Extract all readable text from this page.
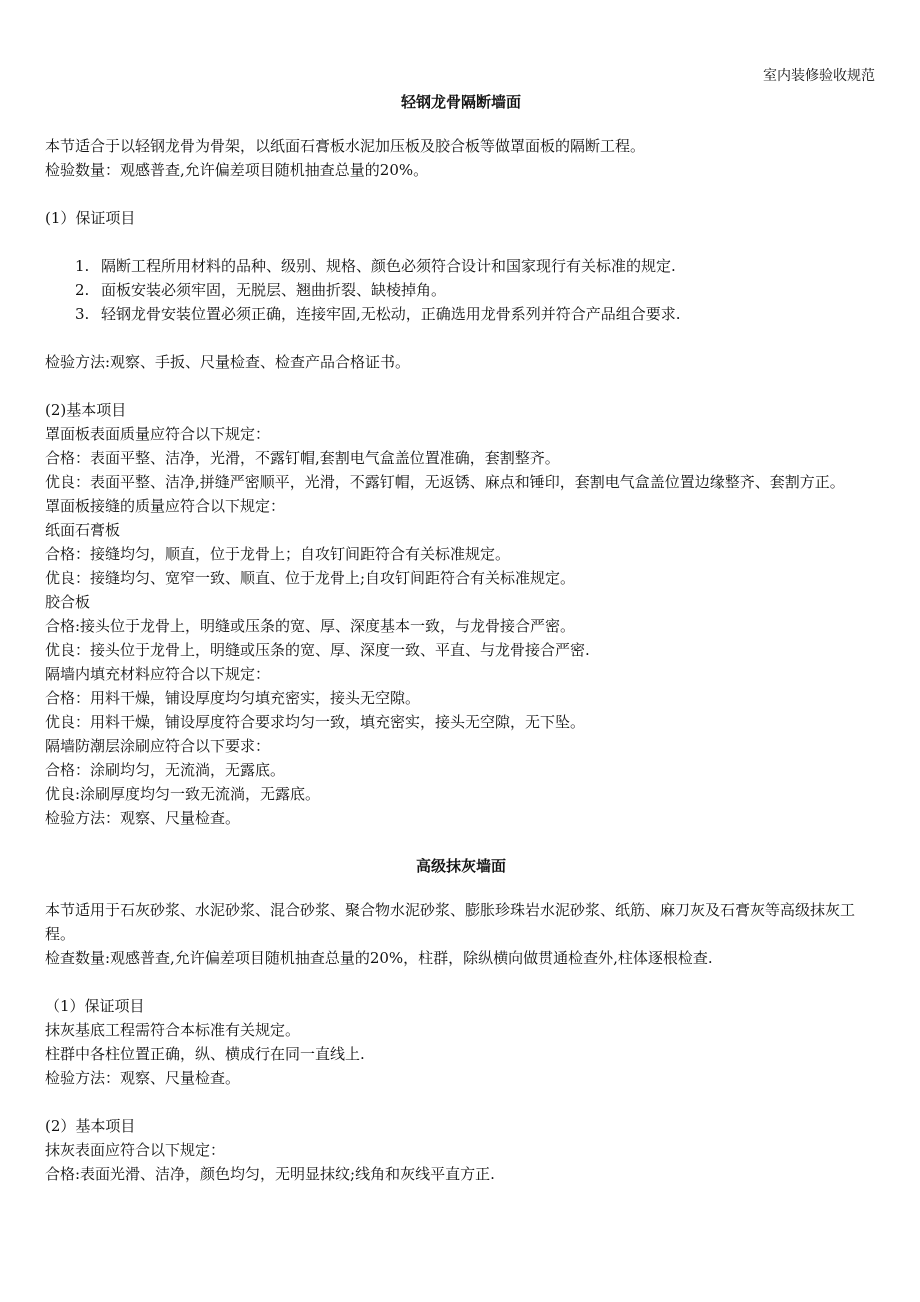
室内装修验收规范

轻钢龙骨隔断墙面

本节适合于以轻钢龙骨为骨架，以纸面石膏板水泥加压板及胶合板等做罩面板的隔断工程。

检验数量：观感普查,允许偏差项目随机抽查总量的20%。

(1）保证项目

1. 隔断工程所用材料的品种、级别、规格、颜色必须符合设计和国家现行有关标准的规定.
2. 面板安装必须牢固，无脱层、翘曲折裂、缺棱掉角。
3. 轻钢龙骨安装位置必须正确，连接牢固,无松动，正确选用龙骨系列并符合产品组合要求.

检验方法:观察、手扳、尺量检查、检查产品合格证书。

(2)基本项目

罩面板表面质量应符合以下规定：

合格：表面平整、洁净，光滑，不露钉帽,套割电气盒盖位置准确，套割整齐。

优良：表面平整、洁净,拼缝严密顺平，光滑，不露钉帽，无返锈、麻点和锤印，套割电气盒盖位置边缘整齐、套割方正。

罩面板接缝的质量应符合以下规定：

纸面石膏板

合格：接缝均匀，顺直，位于龙骨上；自攻钉间距符合有关标准规定。

优良：接缝均匀、宽窄一致、顺直、位于龙骨上;自攻钉间距符合有关标准规定。

胶合板

合格:接头位于龙骨上，明缝或压条的宽、厚、深度基本一致，与龙骨接合严密。

优良：接头位于龙骨上，明缝或压条的宽、厚、深度一致、平直、与龙骨接合严密.

隔墙内填充材料应符合以下规定：

合格：用料干燥，铺设厚度均匀填充密实，接头无空隙。

优良：用料干燥，铺设厚度符合要求均匀一致，填充密实，接头无空隙，无下坠。

隔墙防潮层涂刷应符合以下要求：

合格：涂刷均匀，无流淌，无露底。

优良:涂刷厚度均匀一致无流淌，无露底。

检验方法：观察、尺量检查。

高级抹灰墙面

本节适用于石灰砂浆、水泥砂浆、混合砂浆、聚合物水泥砂浆、膨胀珍珠岩水泥砂浆、纸筋、麻刀灰及石膏灰等高级抹灰工程。

检查数量:观感普查,允许偏差项目随机抽查总量的20%，柱群，除纵横向做贯通检查外,柱体逐根检查.

（1）保证项目

抹灰基底工程需符合本标准有关规定。

柱群中各柱位置正确，纵、横成行在同一直线上.

检验方法：观察、尺量检查。

(2）基本项目

抹灰表面应符合以下规定：

合格:表面光滑、洁净，颜色均匀，无明显抹纹;线角和灰线平直方正.
